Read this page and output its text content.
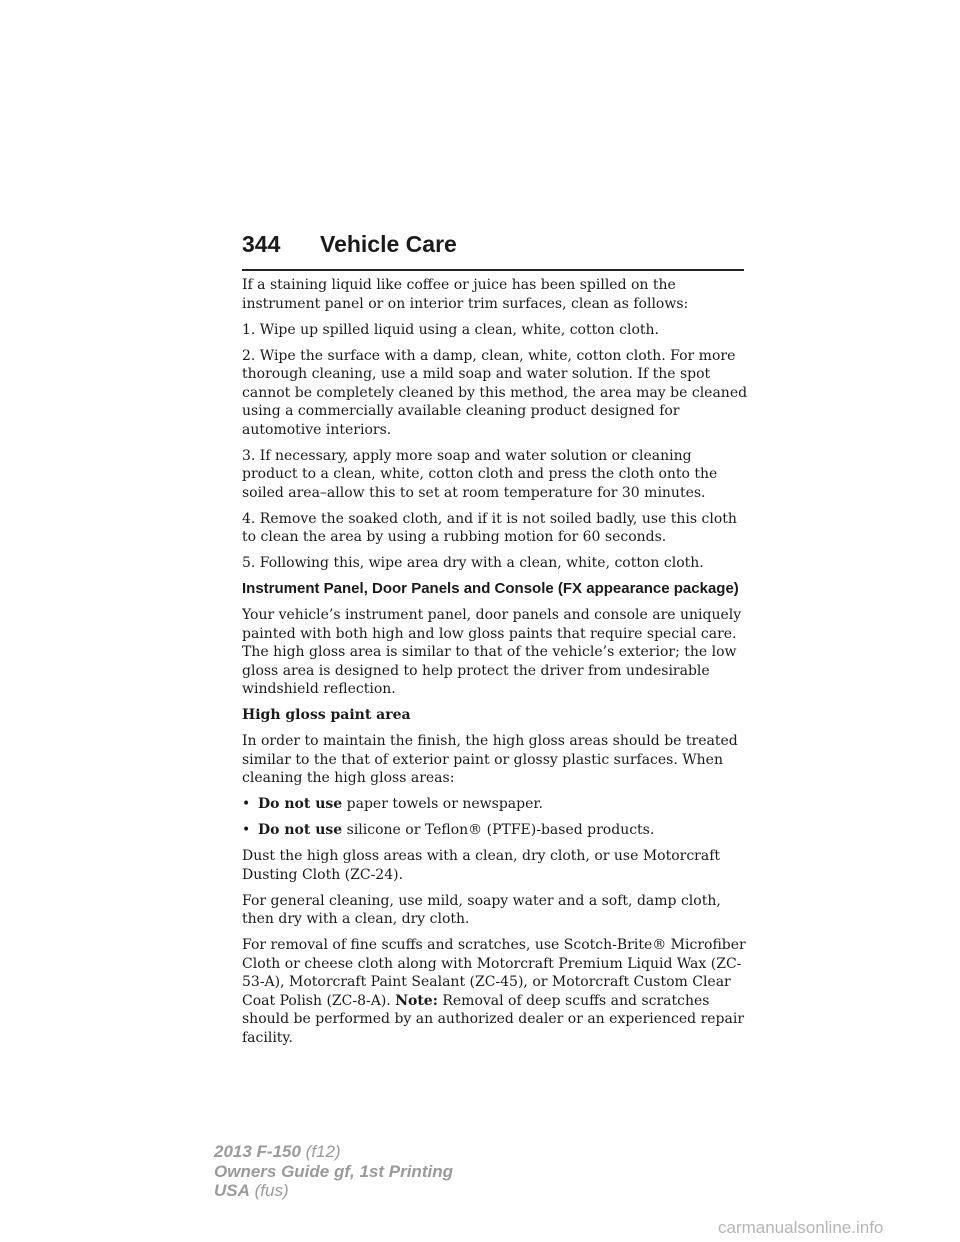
344 Vehicle Care

If a staining liquid like coffee or juice has been spilled on the instrument panel or on interior trim surfaces, clean as follows:

1. Wipe up spilled liquid using a clean, white, cotton cloth.

2. Wipe the surface with a damp, clean, white, cotton cloth. For more thorough cleaning, use a mild soap and water solution. If the spot cannot be completely cleaned by this method, the area may be cleaned using a commercially available cleaning product designed for automotive interiors.

3. If necessary, apply more soap and water solution or cleaning product to a clean, white, cotton cloth and press the cloth onto the soiled area–allow this to set at room temperature for 30 minutes.

4. Remove the soaked cloth, and if it is not soiled badly, use this cloth to clean the area by using a rubbing motion for 60 seconds.

5. Following this, wipe area dry with a clean, white, cotton cloth.

Instrument Panel, Door Panels and Console (FX appearance package)

Your vehicle’s instrument panel, door panels and console are uniquely painted with both high and low gloss paints that require special care. The high gloss area is similar to that of the vehicle’s exterior; the low gloss area is designed to help protect the driver from undesirable windshield reflection.

High gloss paint area

In order to maintain the finish, the high gloss areas should be treated similar to the that of exterior paint or glossy plastic surfaces. When cleaning the high gloss areas:

• Do not use paper towels or newspaper.

• Do not use silicone or Teflon® (PTFE)-based products.

Dust the high gloss areas with a clean, dry cloth, or use Motorcraft Dusting Cloth (ZC-24).

For general cleaning, use mild, soapy water and a soft, damp cloth, then dry with a clean, dry cloth.

For removal of fine scuffs and scratches, use Scotch-Brite® Microfiber Cloth or cheese cloth along with Motorcraft Premium Liquid Wax (ZC-53-A), Motorcraft Paint Sealant (ZC-45), or Motorcraft Custom Clear Coat Polish (ZC-8-A). Note: Removal of deep scuffs and scratches should be performed by an authorized dealer or an experienced repair facility.

2013 F-150 (f12)
Owners Guide gf, 1st Printing
USA (fus)
carmanualsonline.info
